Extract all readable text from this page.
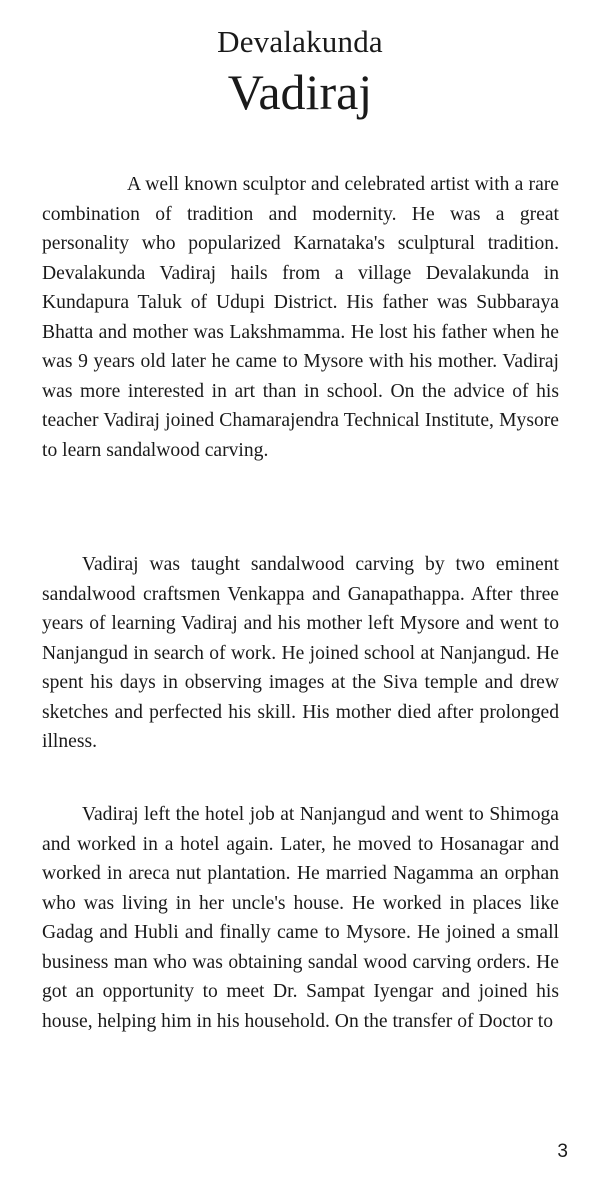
Devalakunda
Vadiraj

A well known sculptor and celebrated artist with a rare combination of tradition and modernity. He was a great personality who popularized Karnataka's sculptural tradition. Devalakunda Vadiraj hails from a village Devalakunda in Kundapura Taluk of Udupi District. His father was Subbaraya Bhatta and mother was Lakshmamma. He lost his father when he was 9 years old later he came to Mysore with his mother. Vadiraj was more interested in art than in school. On the advice of his teacher Vadiraj joined Chamarajendra Technical Institute, Mysore to learn sandalwood carving.

Vadiraj was taught sandalwood carving by two eminent sandalwood craftsmen Venkappa and Ganapathappa. After three years of learning Vadiraj and his mother left Mysore and went to Nanjangud in search of work. He joined school at Nanjangud. He spent his days in observing images at the Siva temple and drew sketches and perfected his skill. His mother died after prolonged illness.

Vadiraj left the hotel job at Nanjangud and went to Shimoga and worked in a hotel again. Later, he moved to Hosanagar and worked in areca nut plantation. He married Nagamma an orphan who was living in her uncle's house. He worked in places like Gadag and Hubli and finally came to Mysore. He joined a small business man who was obtaining sandal wood carving orders. He got an opportunity to meet Dr. Sampat Iyengar and joined his house, helping him in his household. On the transfer of Doctor to

3
